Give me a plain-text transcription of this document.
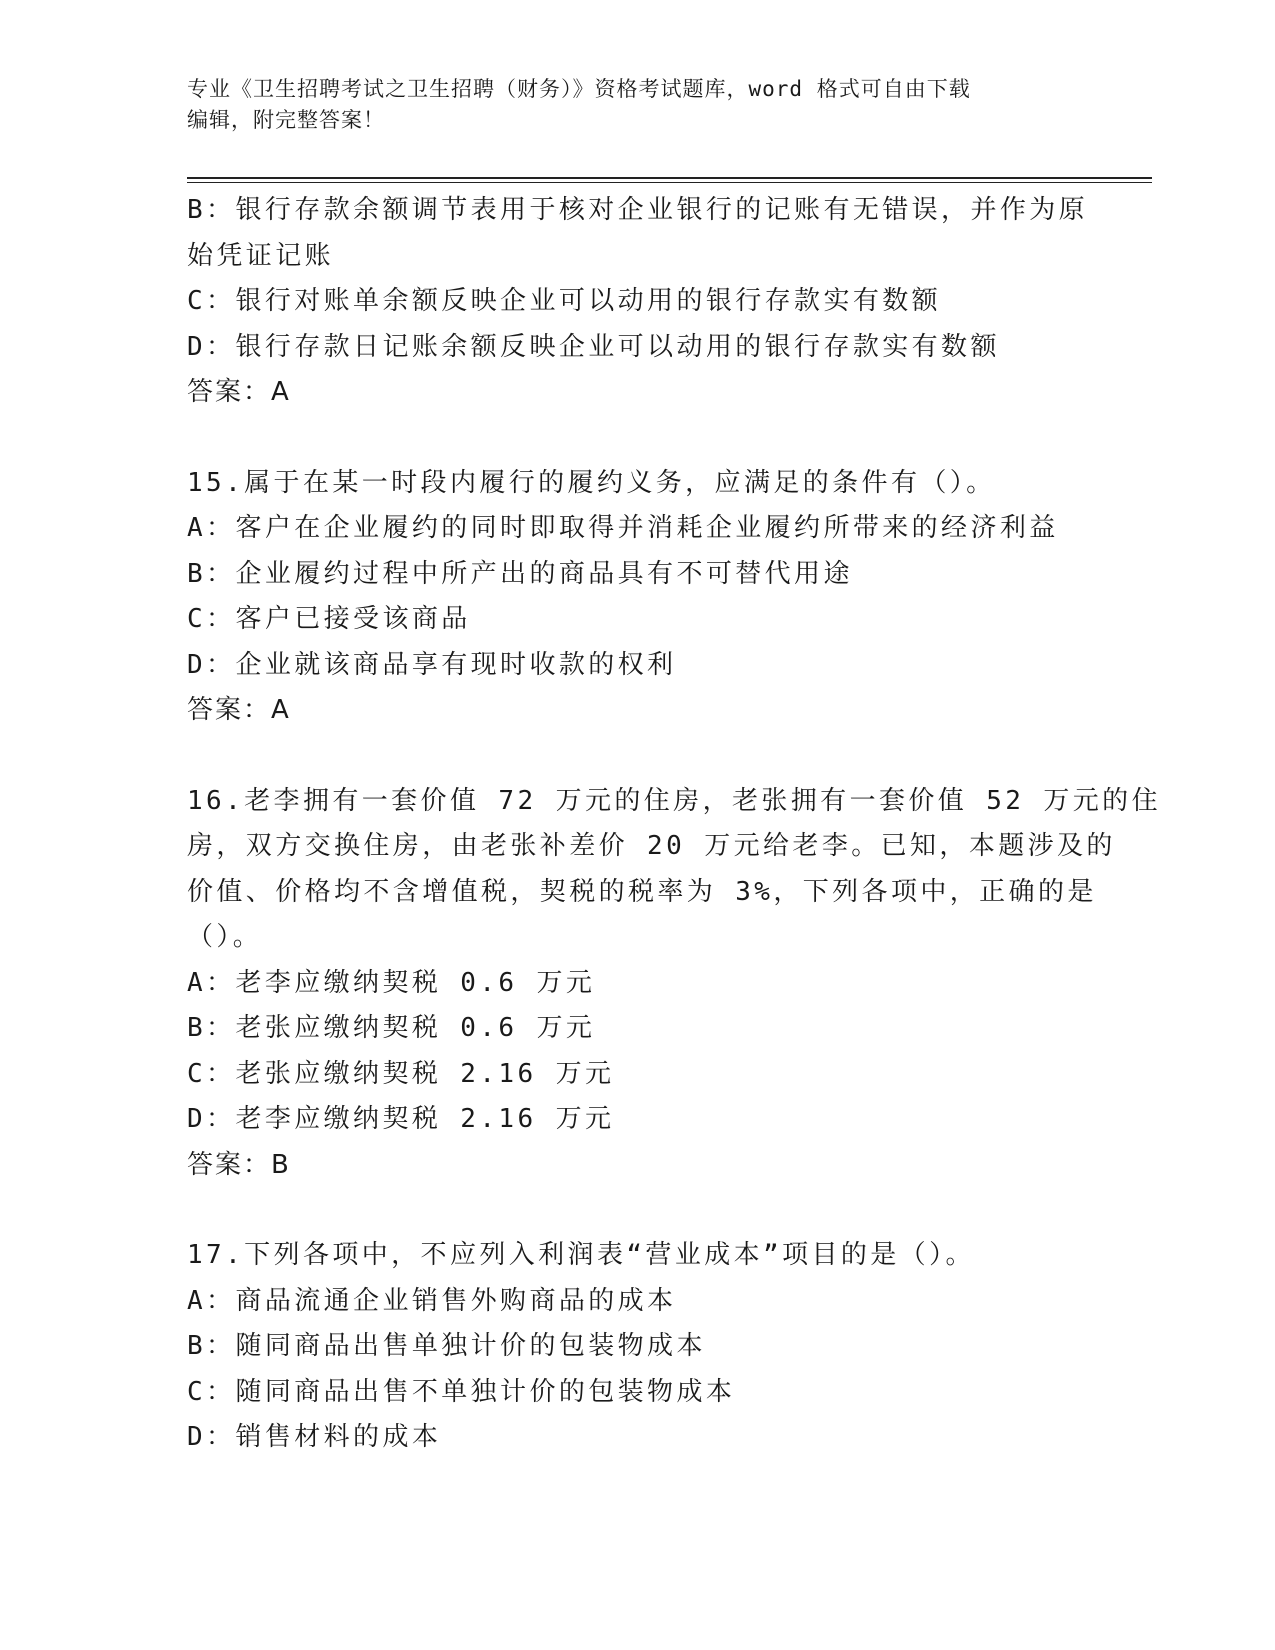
专业《卫生招聘考试之卫生招聘（财务）》资格考试题库，word 格式可自由下载
编辑，附完整答案！
B：银行存款余额调节表用于核对企业银行的记账有无错误，并作为原
始凭证记账
C：银行对账单余额反映企业可以动用的银行存款实有数额
D：银行存款日记账余额反映企业可以动用的银行存款实有数额
答案：A
15.属于在某一时段内履行的履约义务，应满足的条件有（）。
A：客户在企业履约的同时即取得并消耗企业履约所带来的经济利益
B：企业履约过程中所产出的商品具有不可替代用途
C：客户已接受该商品
D：企业就该商品享有现时收款的权利
答案：A
16.老李拥有一套价值 72 万元的住房，老张拥有一套价值 52 万元的住
房，双方交换住房，由老张补差价 20 万元给老李。已知，本题涉及的
价值、价格均不含增值税，契税的税率为 3%，下列各项中，正确的是
（）。
A：老李应缴纳契税 0.6 万元
B：老张应缴纳契税 0.6 万元
C：老张应缴纳契税 2.16 万元
D：老李应缴纳契税 2.16 万元
答案：B
17.下列各项中，不应列入利润表“营业成本”项目的是（）。
A：商品流通企业销售外购商品的成本
B：随同商品出售单独计价的包装物成本
C：随同商品出售不单独计价的包装物成本
D：销售材料的成本
